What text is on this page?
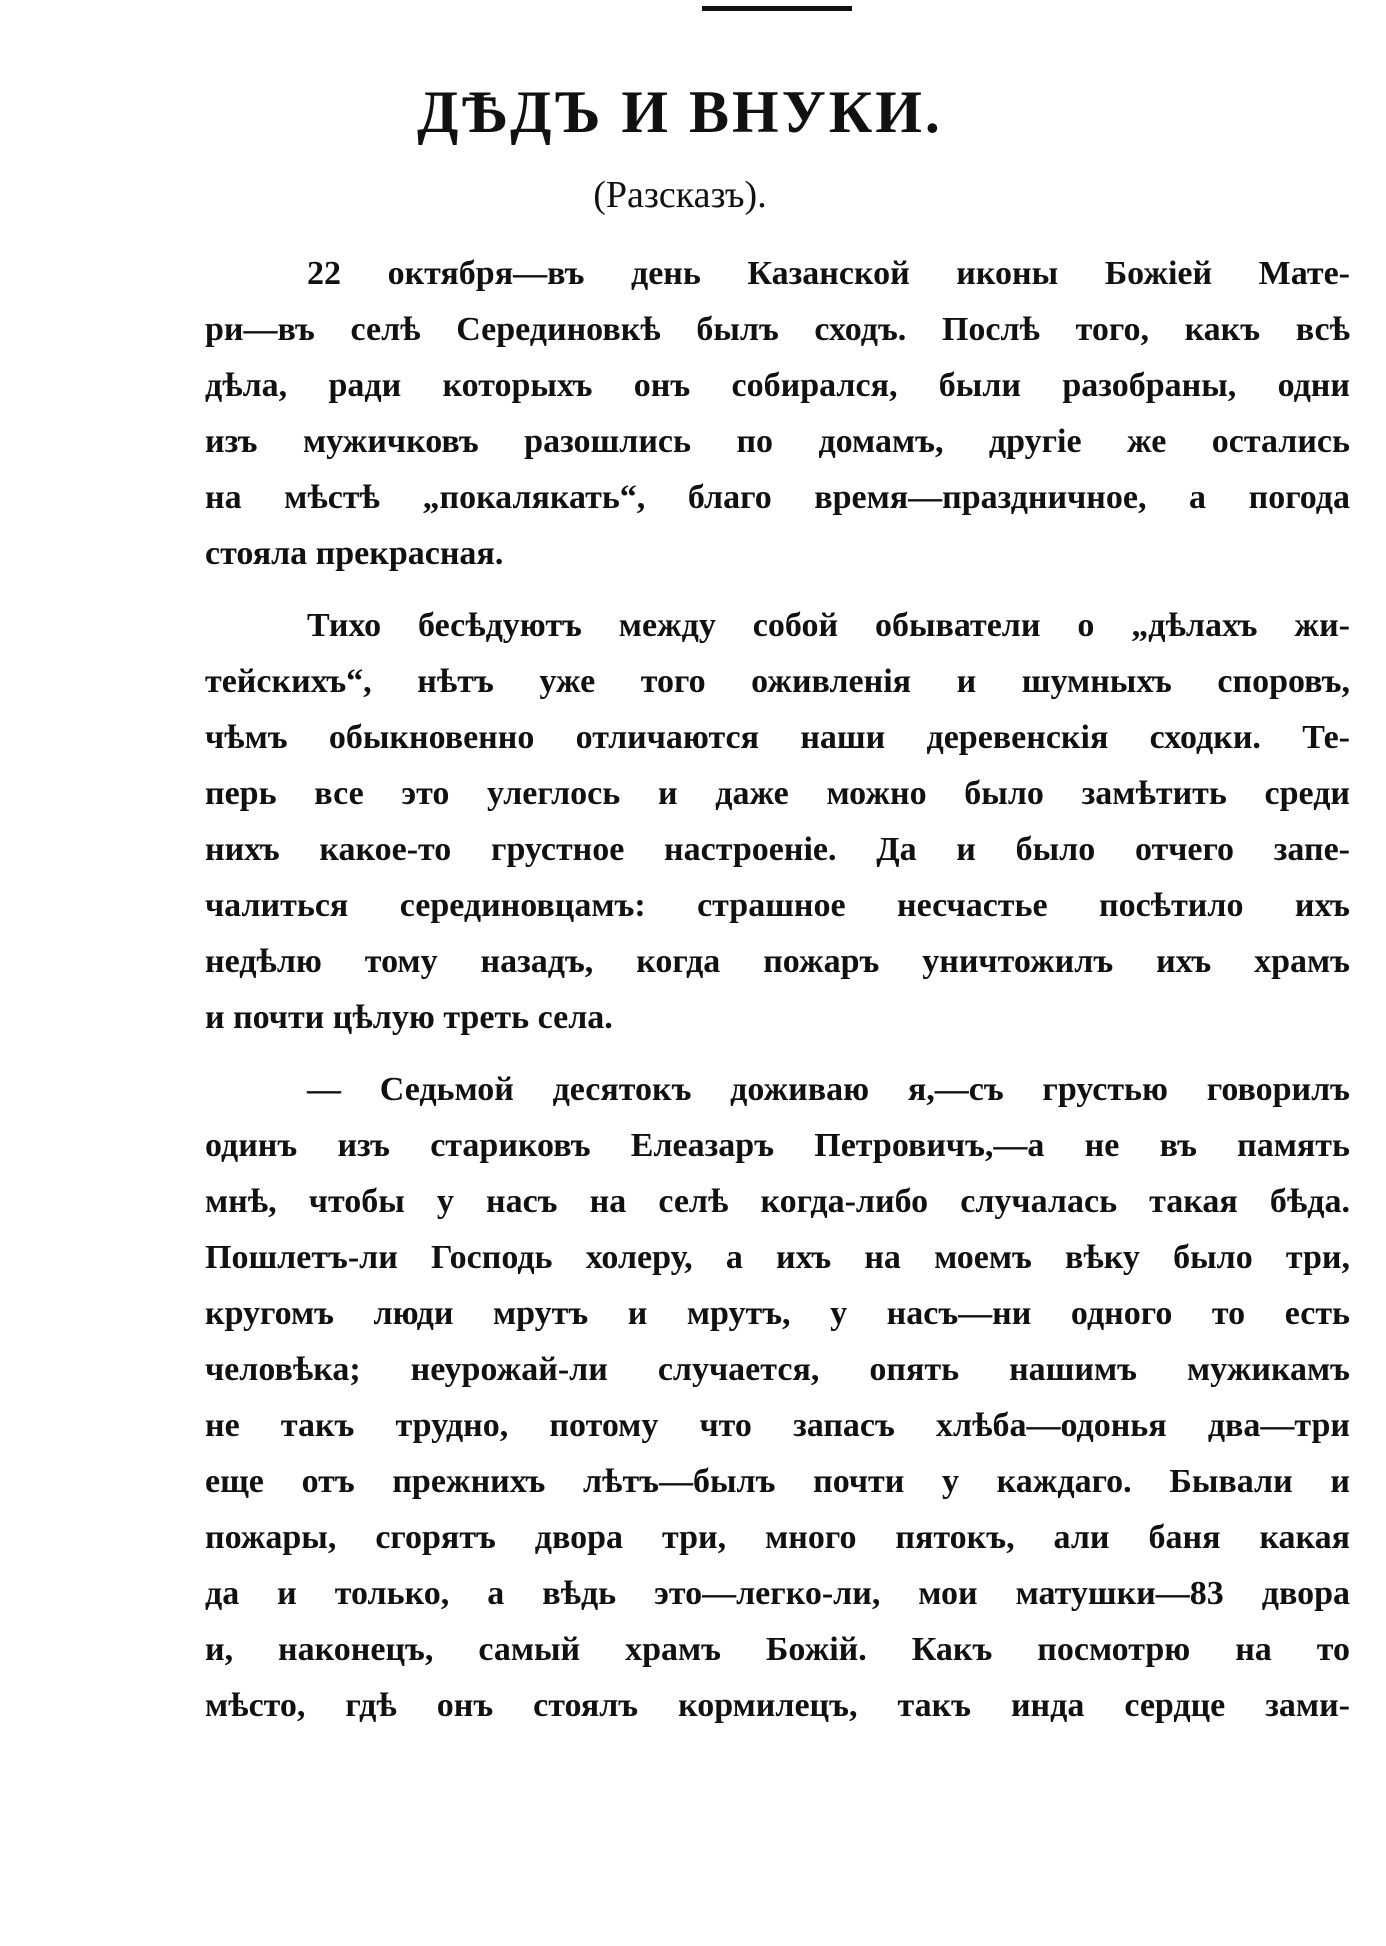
ДѢДЪ И ВНУКИ.
(Разсказъ).
22 октября—въ день Казанской иконы Божiей Мате-
ри—въ селѣ Серединовкѣ былъ сходъ. Послѣ того, какъ всѣ
дѣла, ради которыхъ онъ собирался, были разобраны, одни
изъ мужичковъ разошлись по домамъ, другiе же остались
на мѣстѣ „покалякать“, благо время—праздничное, а погода
стояла прекрасная.
Тихо бесѣдуютъ между собой обыватели о „дѣлахъ жи-
тейскихъ“, нѣтъ уже того оживленiя и шумныхъ споровъ,
чѣмъ обыкновенно отличаются наши деревенскiя сходки. Те-
перь все это улеглось и даже можно было замѣтить среди
нихъ какое-то грустное настроенiе. Да и было отчего запе-
чалиться серединовцамъ: страшное несчастье посѣтило ихъ
недѣлю тому назадъ, когда пожаръ уничтожилъ ихъ храмъ
и почти цѣлую треть села.
— Седьмой десятокъ доживаю я,—съ грустью говорилъ
одинъ изъ стариковъ Елеазаръ Петровичъ,—а не въ память
мнѣ, чтобы у насъ на селѣ когда-либо случалась такая бѣда.
Пошлетъ-ли Господь холеру, а ихъ на моемъ вѣку было три,
кругомъ люди мрутъ и мрутъ, у насъ—ни одного то есть
человѣка; неурожай-ли случается, опять нашимъ мужикамъ
не такъ трудно, потому что запасъ хлѣба—одонья два—три
еще отъ прежнихъ лѣтъ—былъ почти у каждаго. Бывали и
пожары, сгорятъ двора три, много пятокъ, али баня какая
да и только, а вѣдь это—легко-ли, мои матушки—83 двора
и, наконецъ, самый храмъ Божiй. Какъ посмотрю на то
мѣсто, гдѣ онъ стоялъ кормилецъ, такъ инда сердце зами-
